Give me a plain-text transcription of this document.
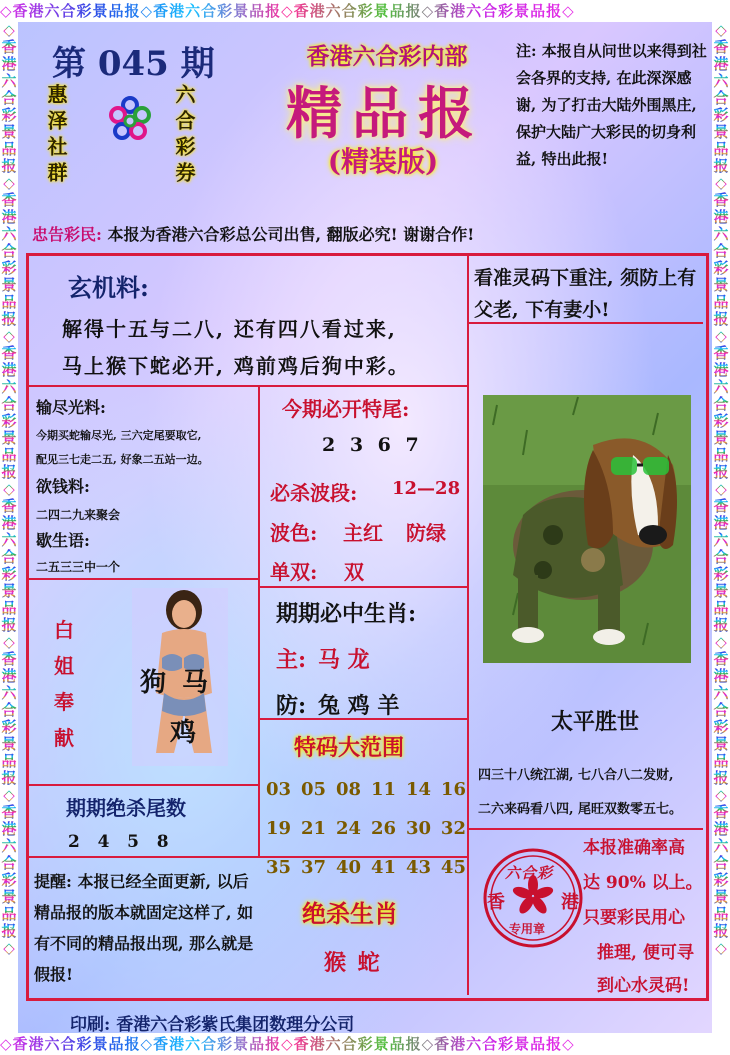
◇香港六合彩景品报◇香港六合彩景品报◇香港六合彩景品报◇香港六合彩景品报◇
◇香港六合彩景品报◇香港六合彩景品报◇香港六合彩景品报◇香港六合彩景品报◇
◇香港六合彩景品报◇香港六合彩景品报◇香港六合彩景品报◇香港六合彩景品报◇香港六合彩景品报◇香港六合彩景品报◇
◇香港六合彩景品报◇香港六合彩景品报◇香港六合彩景品报◇香港六合彩景品报◇香港六合彩景品报◇香港六合彩景品报◇
第 045 期
惠泽社群	六合彩券
香港六合彩内部
精品报
(精装版)
注: 本报自从问世以来得到社会各界的支持, 在此深深感谢, 为了打击大陆外围黑庄, 保护大陆广大彩民的切身利益, 特出此报!
忠告彩民: 本报为香港六合彩总公司出售, 翻版必究! 谢谢合作!
玄机料:
解得十五与二八, 还有四八看过来,
马上猴下蛇必开, 鸡前鸡后狗中彩。
看准灵码下重注, 须防上有父老, 下有妻小!
输尽光料:
今期买蛇输尽光, 三六定尾要取它,
配见三七走二五, 好象二五站一边。
欲钱料:
二四二九来聚会
歇生语:
二五三三中一个
今期必开特尾:
2 3 6 7
必杀波段: 12—28
波色: 主红 防绿
单双: 双
白姐奉献
狗 马
鸡
期期必中生肖:
主: 马 龙
防: 兔 鸡 羊
特码大范围
03 05 08 11 14 16
19 21 24 26 30 32
35 37 40 41 43 45
期期绝杀尾数
2   4   5   8
提醒: 本报已经全面更新, 以后精品报的版本就固定这样了, 如有不同的精品报出现, 那么就是假报!
绝杀生肖
猴 蛇
太平胜世
四三十八统江湖, 七八合八二发财,
二六来码看八四, 尾旺双数零五七。
本报准确率高
达 90% 以上。
只要彩民用心
推理, 便可寻
到心水灵码!
六合彩
香	港
专用章
印刷: 香港六合彩紫氏集团数理分公司
